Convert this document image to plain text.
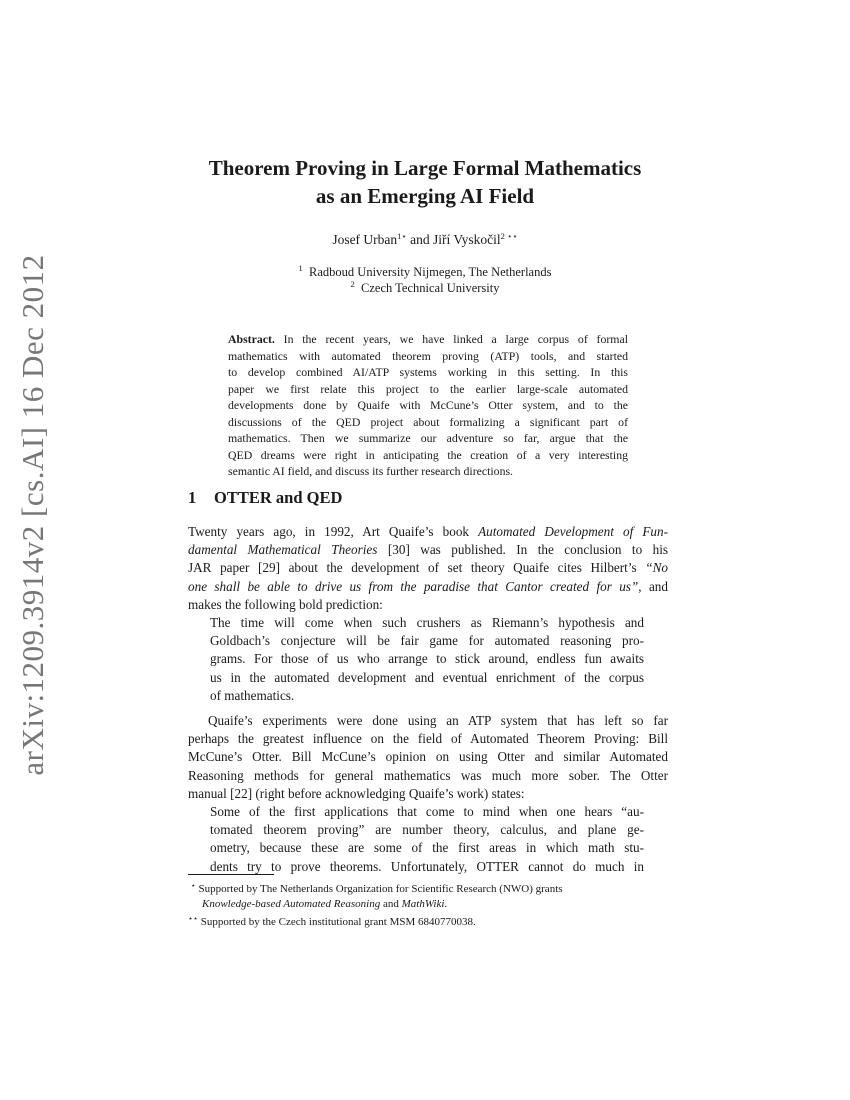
arXiv:1209.3914v2 [cs.AI] 16 Dec 2012
Theorem Proving in Large Formal Mathematics
as an Emerging AI Field
Josef Urban$^{1⋆}$ and Jiří Vyskočil$^{2 ⋆⋆}$
$^1$ Radboud University Nijmegen, The Netherlands
$^2$ Czech Technical University
Abstract. In the recent years, we have linked a large corpus of formal
mathematics with automated theorem proving (ATP) tools, and started
to develop combined AI/ATP systems working in this setting. In this
paper we first relate this project to the earlier large-scale automated
developments done by Quaife with McCune’s Otter system, and to the
discussions of the QED project about formalizing a significant part of
mathematics. Then we summarize our adventure so far, argue that the
QED dreams were right in anticipating the creation of a very interesting
semantic AI field, and discuss its further research directions.
1 OTTER and QED
Twenty years ago, in 1992, Art Quaife’s book Automated Development of Fun-
damental Mathematical Theories [30] was published. In the conclusion to his
JAR paper [29] about the development of set theory Quaife cites Hilbert’s “No
one shall be able to drive us from the paradise that Cantor created for us”, and
makes the following bold prediction:
The time will come when such crushers as Riemann’s hypothesis and
Goldbach’s conjecture will be fair game for automated reasoning pro-
grams. For those of us who arrange to stick around, endless fun awaits
us in the automated development and eventual enrichment of the corpus
of mathematics.
Quaife’s experiments were done using an ATP system that has left so far
perhaps the greatest influence on the field of Automated Theorem Proving: Bill
McCune’s Otter. Bill McCune’s opinion on using Otter and similar Automated
Reasoning methods for general mathematics was much more sober. The Otter
manual [22] (right before acknowledging Quaife’s work) states:
Some of the first applications that come to mind when one hears “au-
tomated theorem proving” are number theory, calculus, and plane ge-
ometry, because these are some of the first areas in which math stu-
dents try to prove theorems. Unfortunately, OTTER cannot do much in
⋆ Supported by The Netherlands Organization for Scientific Research (NWO) grants
Knowledge-based Automated Reasoning and MathWiki.
⋆⋆ Supported by the Czech institutional grant MSM 6840770038.
